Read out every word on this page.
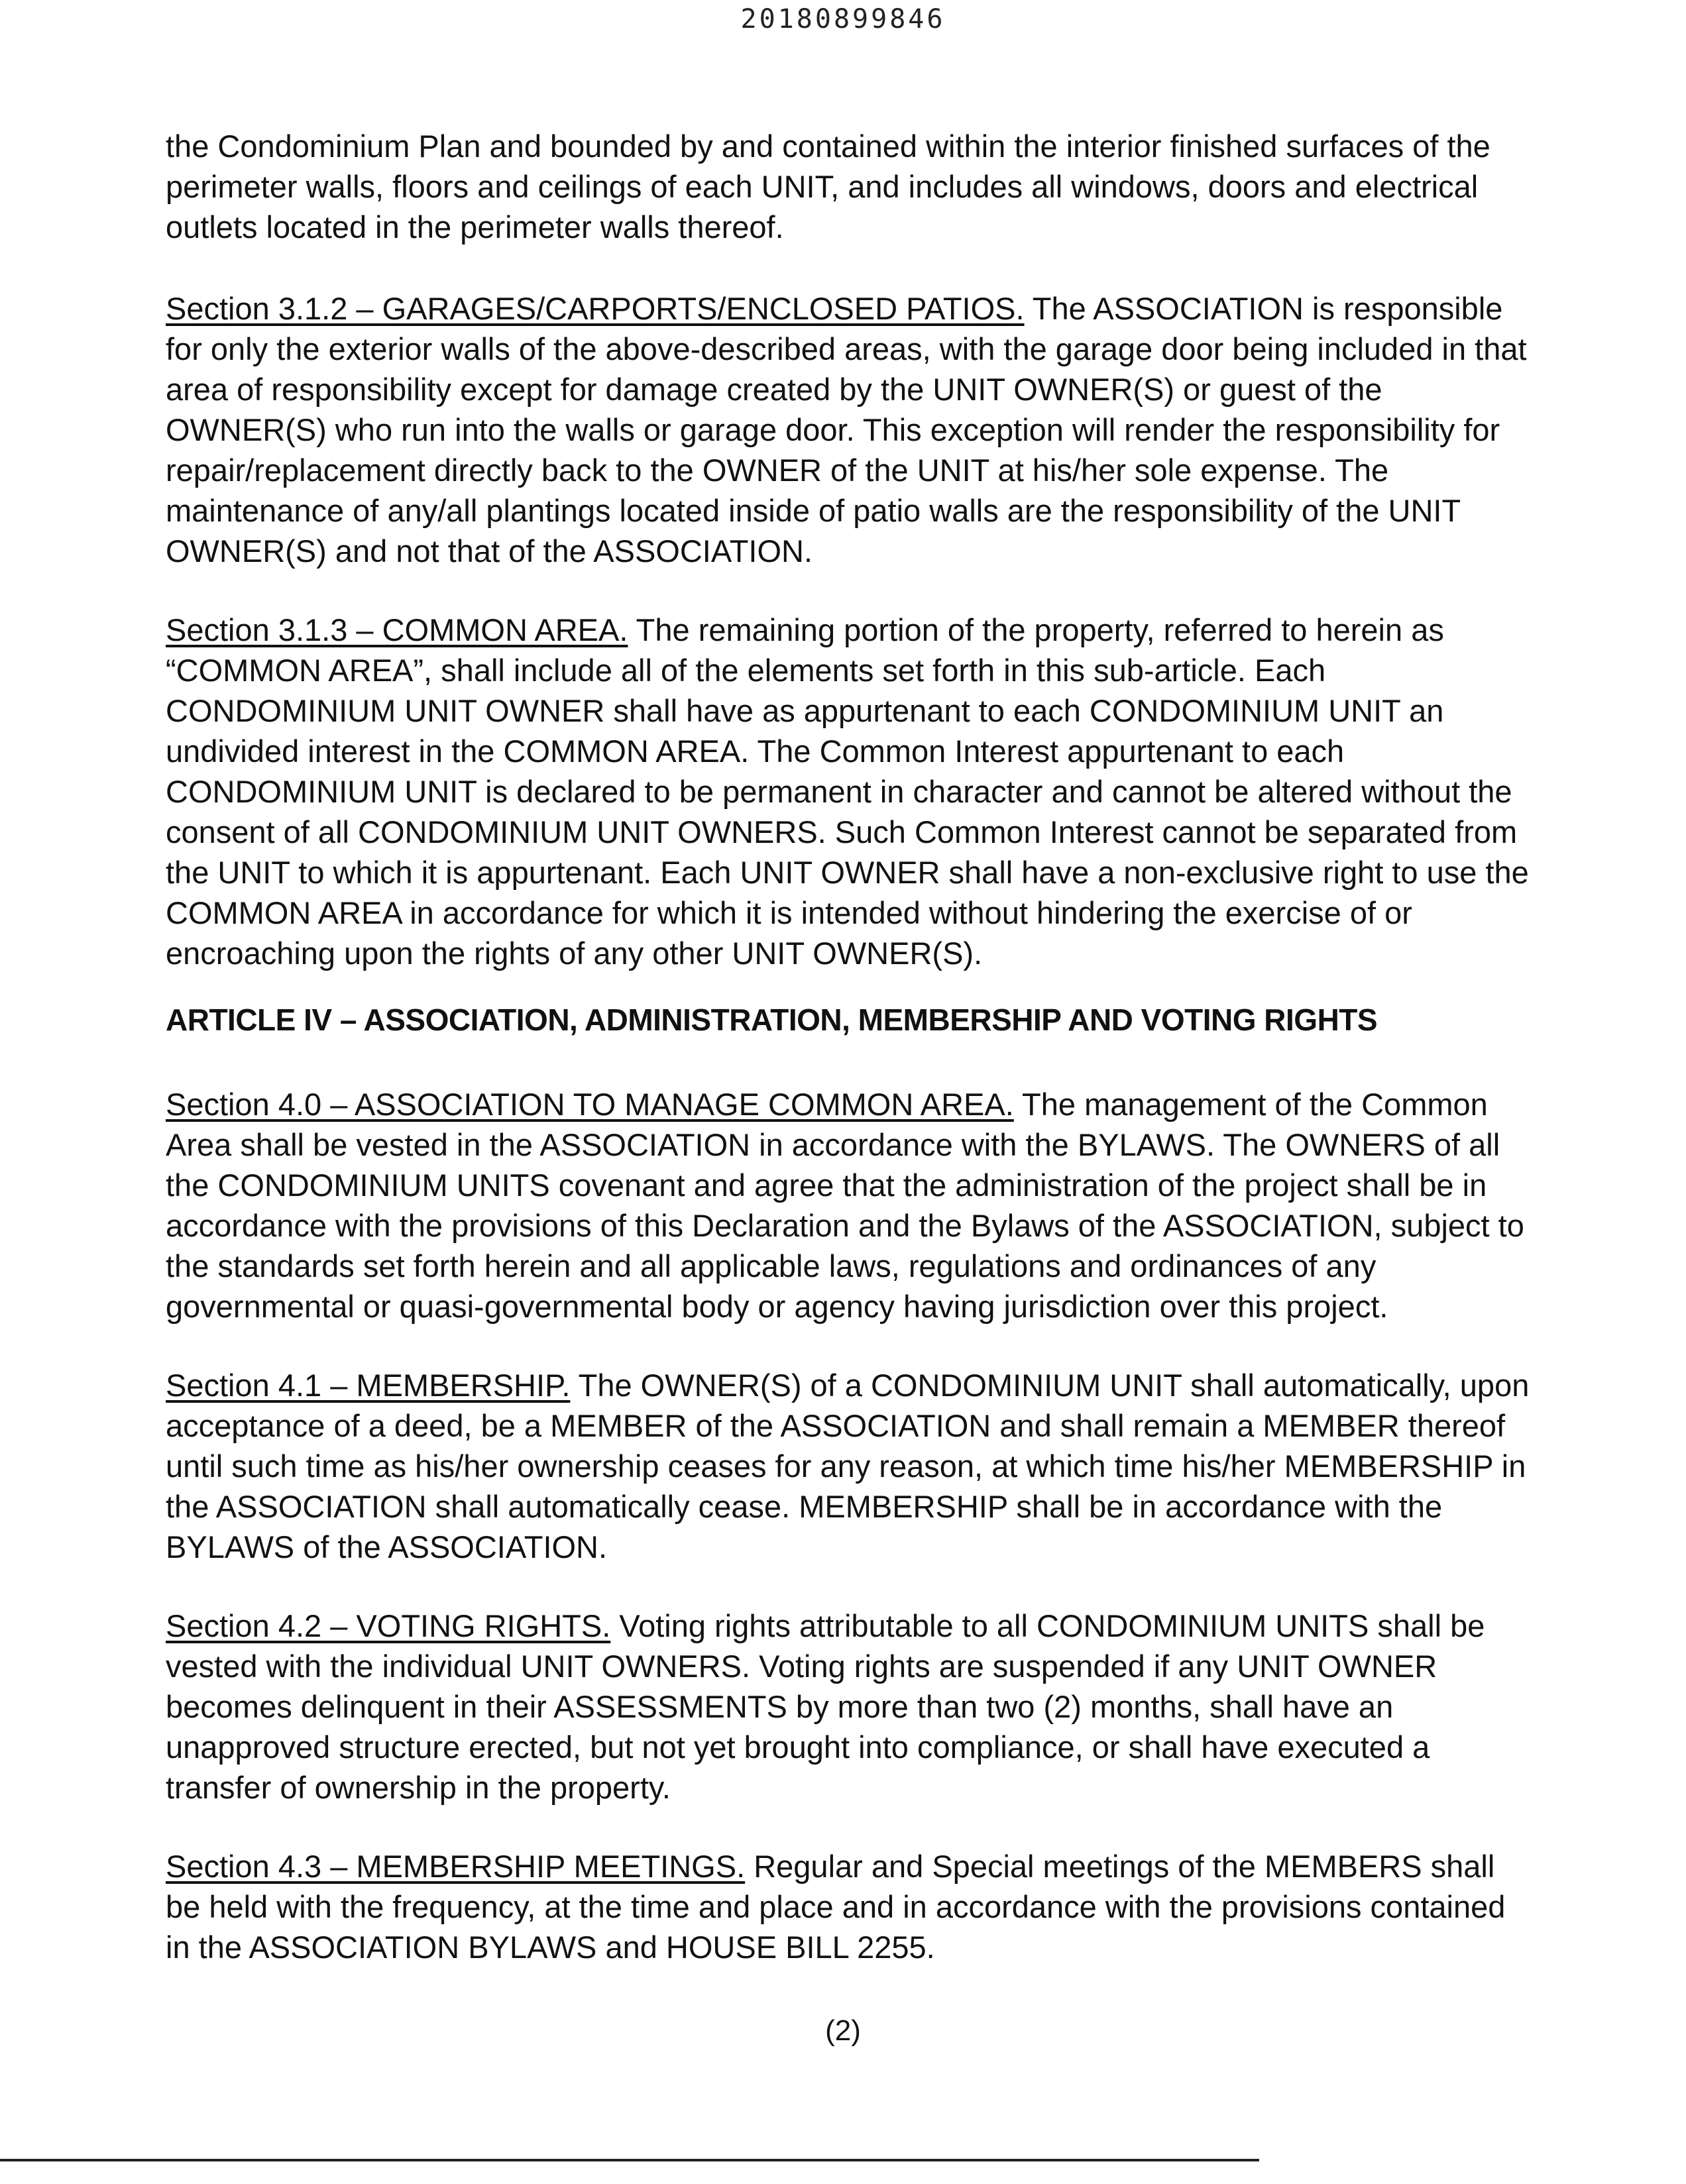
20180899846

the Condominium Plan and bounded by and contained within the interior finished surfaces of the perimeter walls, floors and ceilings of each UNIT, and includes all windows, doors and electrical outlets located in the perimeter walls thereof.

Section 3.1.2 – GARAGES/CARPORTS/ENCLOSED PATIOS. The ASSOCIATION is responsible for only the exterior walls of the above-described areas, with the garage door being included in that area of responsibility except for damage created by the UNIT OWNER(S) or guest of the OWNER(S) who run into the walls or garage door. This exception will render the responsibility for repair/replacement directly back to the OWNER of the UNIT at his/her sole expense. The maintenance of any/all plantings located inside of patio walls are the responsibility of the UNIT OWNER(S) and not that of the ASSOCIATION.

Section 3.1.3 – COMMON AREA. The remaining portion of the property, referred to herein as “COMMON AREA”, shall include all of the elements set forth in this sub-article. Each CONDOMINIUM UNIT OWNER shall have as appurtenant to each CONDOMINIUM UNIT an undivided interest in the COMMON AREA. The Common Interest appurtenant to each CONDOMINIUM UNIT is declared to be permanent in character and cannot be altered without the consent of all CONDOMINIUM UNIT OWNERS. Such Common Interest cannot be separated from the UNIT to which it is appurtenant. Each UNIT OWNER shall have a non-exclusive right to use the COMMON AREA in accordance for which it is intended without hindering the exercise of or encroaching upon the rights of any other UNIT OWNER(S).

ARTICLE IV – ASSOCIATION, ADMINISTRATION, MEMBERSHIP AND VOTING RIGHTS

Section 4.0 – ASSOCIATION TO MANAGE COMMON AREA. The management of the Common Area shall be vested in the ASSOCIATION in accordance with the BYLAWS. The OWNERS of all the CONDOMINIUM UNITS covenant and agree that the administration of the project shall be in accordance with the provisions of this Declaration and the Bylaws of the ASSOCIATION, subject to the standards set forth herein and all applicable laws, regulations and ordinances of any governmental or quasi-governmental body or agency having jurisdiction over this project.

Section 4.1 – MEMBERSHIP. The OWNER(S) of a CONDOMINIUM UNIT shall automatically, upon acceptance of a deed, be a MEMBER of the ASSOCIATION and shall remain a MEMBER thereof until such time as his/her ownership ceases for any reason, at which time his/her MEMBERSHIP in the ASSOCIATION shall automatically cease. MEMBERSHIP shall be in accordance with the BYLAWS of the ASSOCIATION.

Section 4.2 – VOTING RIGHTS. Voting rights attributable to all CONDOMINIUM UNITS shall be vested with the individual UNIT OWNERS. Voting rights are suspended if any UNIT OWNER becomes delinquent in their ASSESSMENTS by more than two (2) months, shall have an unapproved structure erected, but not yet brought into compliance, or shall have executed a transfer of ownership in the property.

Section 4.3 – MEMBERSHIP MEETINGS. Regular and Special meetings of the MEMBERS shall be held with the frequency, at the time and place and in accordance with the provisions contained in the ASSOCIATION BYLAWS and HOUSE BILL 2255.

(2)
